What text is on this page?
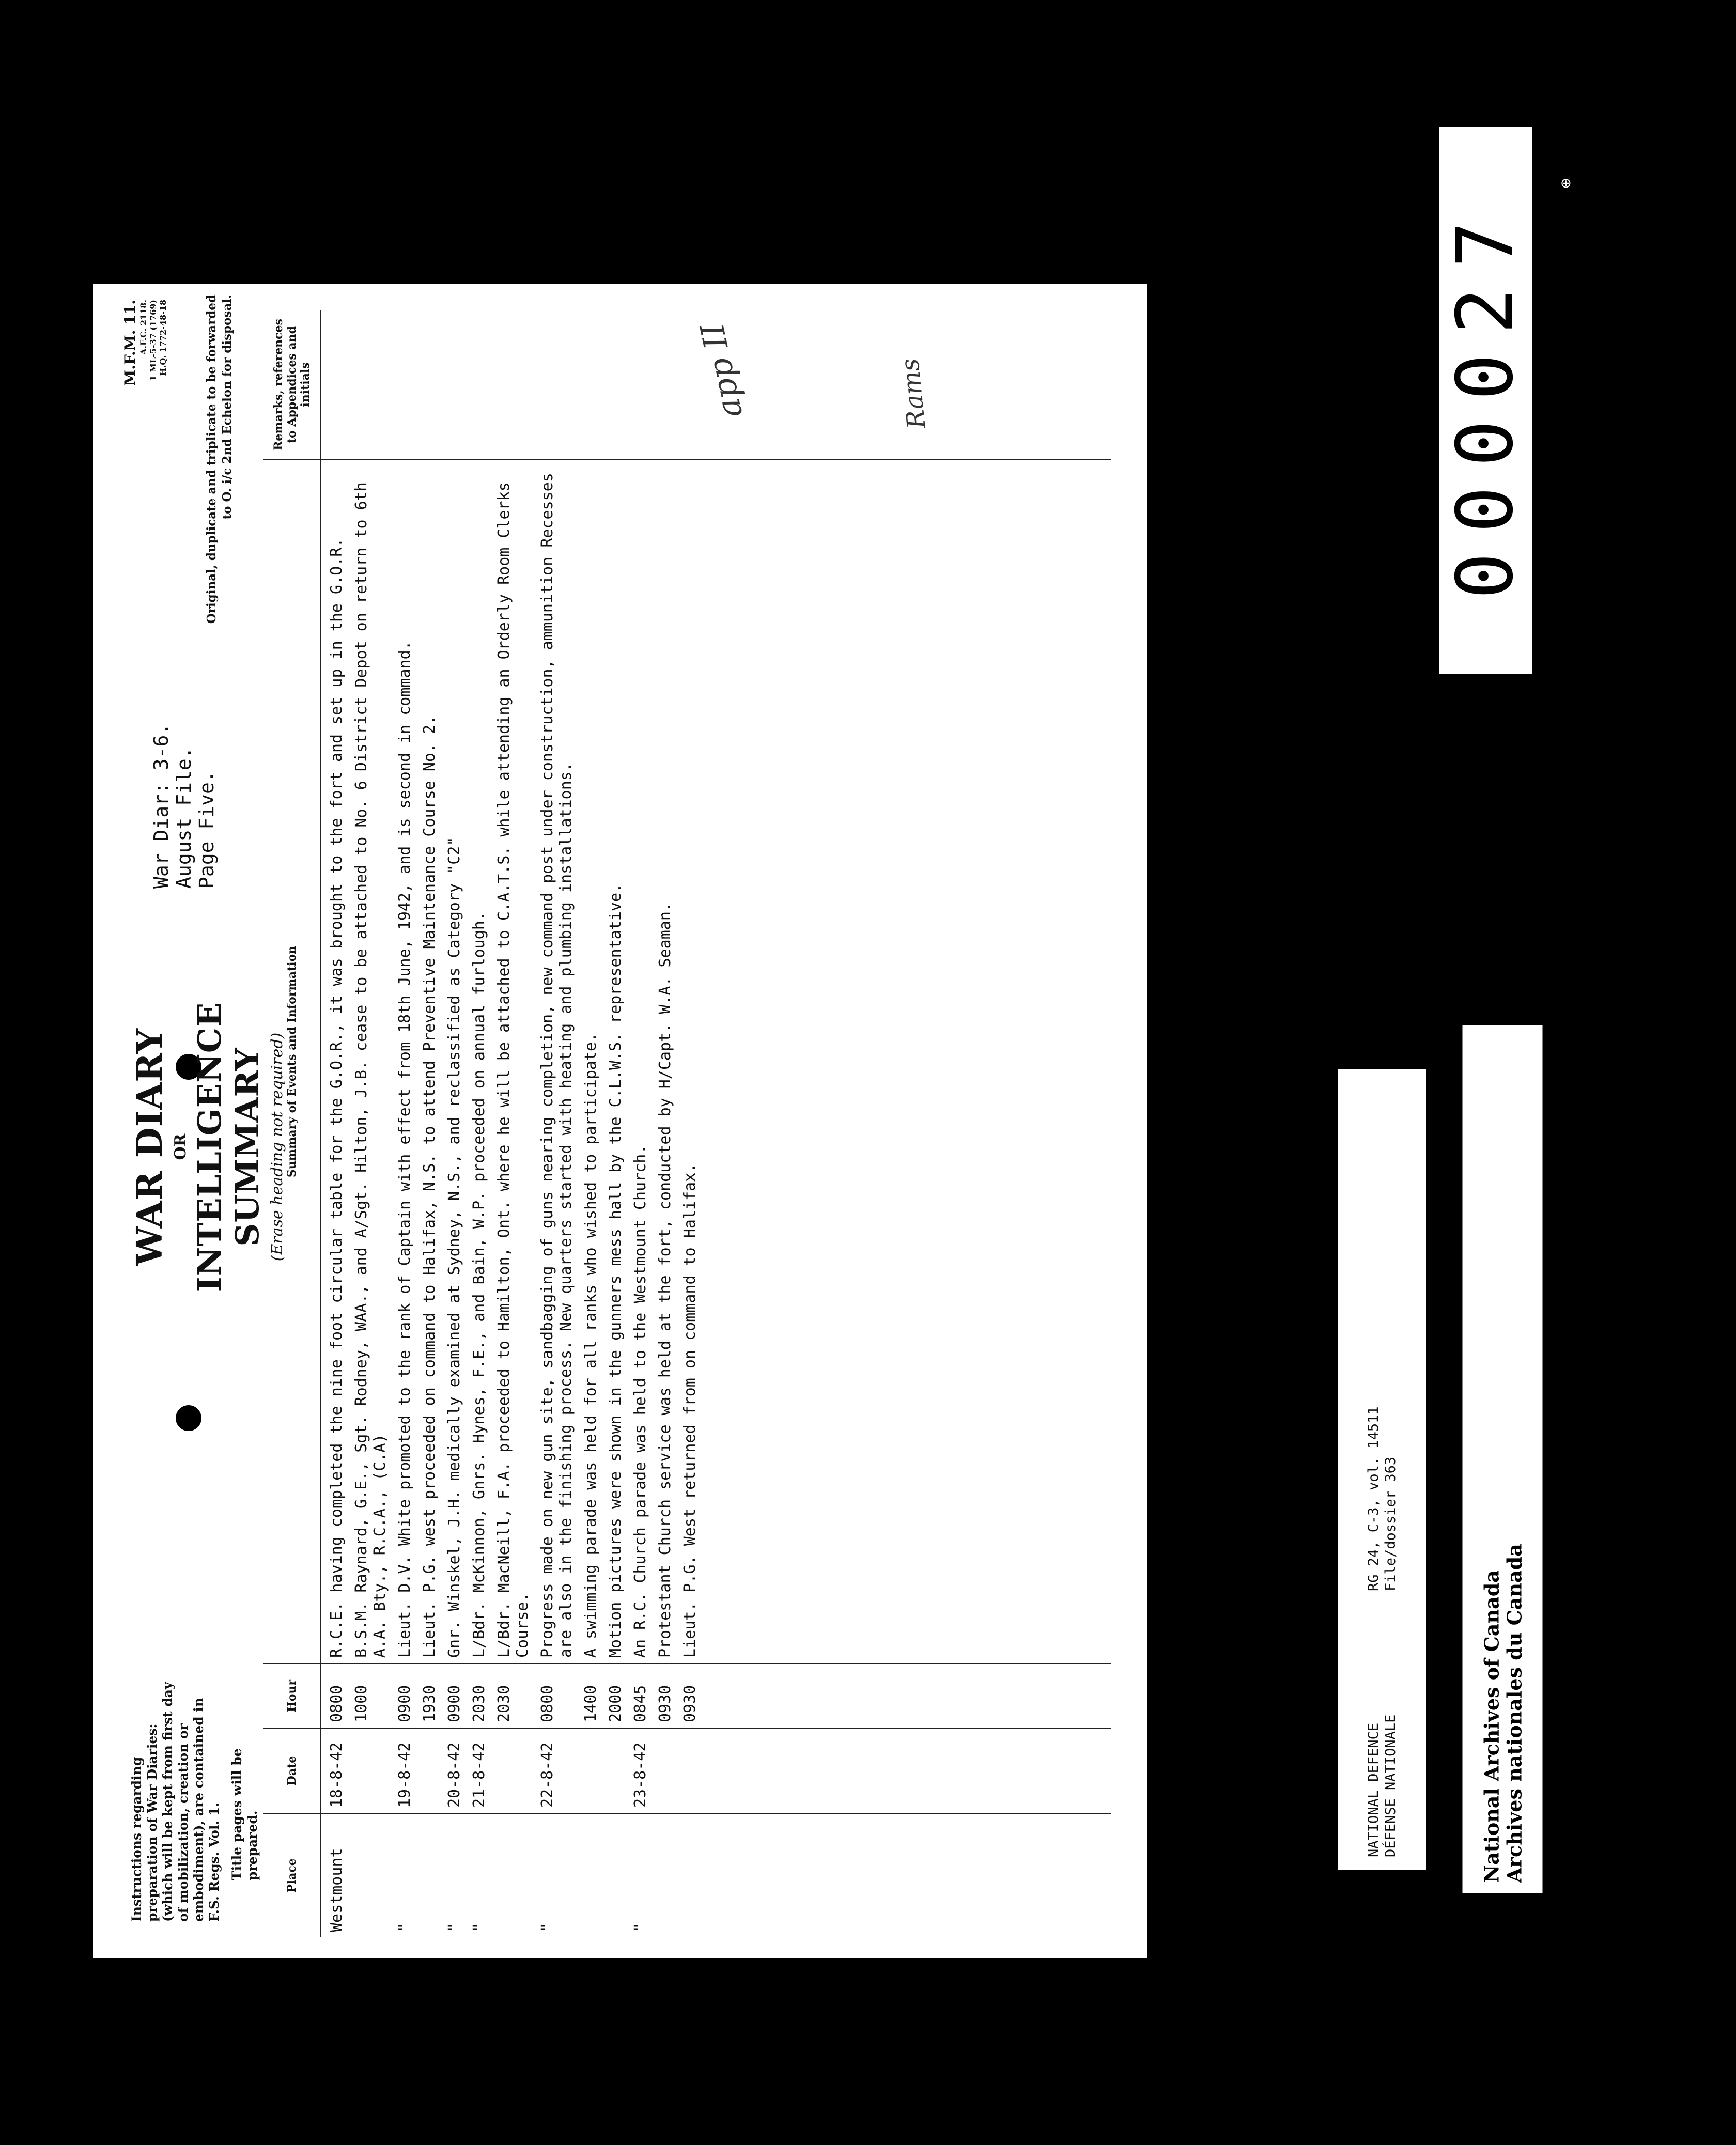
Instructions regarding preparation of War Diaries: (which will be kept from first day of mobilization, creation or embodiment), are contained in F.S. Regs. Vol. 1. Title pages will be prepared.
WAR DIARY OR INTELLIGENCE SUMMARY (Erase heading not required)
War Diar: 3-6. August File. Page Five.
M.F.M. 11. A.F.C. 2118. 1 ML-5-37 (1769) H.Q. 1772-48-18	Original, duplicate and triplicate to be forwarded to O. i/c 2nd Echelon for disposal.
Place	Date	Hour	Summary of Events and Information	Remarks, references to Appendices and initials
Westmount	18-8-42	0800	R.C.E. having completed the nine foot circular table for the G.O.R., it was brought to the fort and set up in the G.O.R.	
		1000	B.S.M. Raynard, G.E., Sgt. Rodney, WAA., and A/Sgt. Hilton, J.B. cease to be attached to No. 6 District Depot on return to 6th A.A. Bty., R.C.A., (C.A)	
"	19-8-42	0900	Lieut. D.V. White promoted to the rank of Captain with effect from 18th June, 1942, and is second in command.	
		1930	Lieut. P.G. west proceeded on command to Halifax, N.S. to attend Preventive Maintenance Course No. 2.	
"	20-8-42	0900	Gnr. Winskel, J.H. medically examined at Sydney, N.S., and reclassified as Category "C2"	
"	21-8-42	2030	L/Bdr. McKinnon, Gnrs. Hynes, F.E., and Bain, W.P. proceeded on annual furlough.	
		2030	L/Bdr. MacNeill, F.A. proceeded to Hamilton, Ont. where he will be attached to C.A.T.S. while attending an Orderly Room Clerks Course.	
"	22-8-42	0800	Progress made on new gun site, sandbagging of guns nearing completion, new command post under construction, ammunition Recesses are also in the finishing process. New quarters started with heating and plumbing installations.	
		1400	A swimming parade was held for all ranks who wished to participate.	
		2000	Motion pictures were shown in the gunners mess hall by the C.L.W.S. representative.	
"	23-8-42	0845	An R.C. Church parade was held to the Westmount Church.	
		0930	Protestant Church service was held at the fort, conducted by H/Capt. W.A. Seaman.	
		0930	Lieut. P.G. West returned from on command to Halifax.	

app II	Rams	000027
⊕
NATIONAL DEFENCE DÉFENSE NATIONALE
RG 24, C-3, vol. 14511 File/dossier 363
National Archives of Canada Archives nationales du Canada
